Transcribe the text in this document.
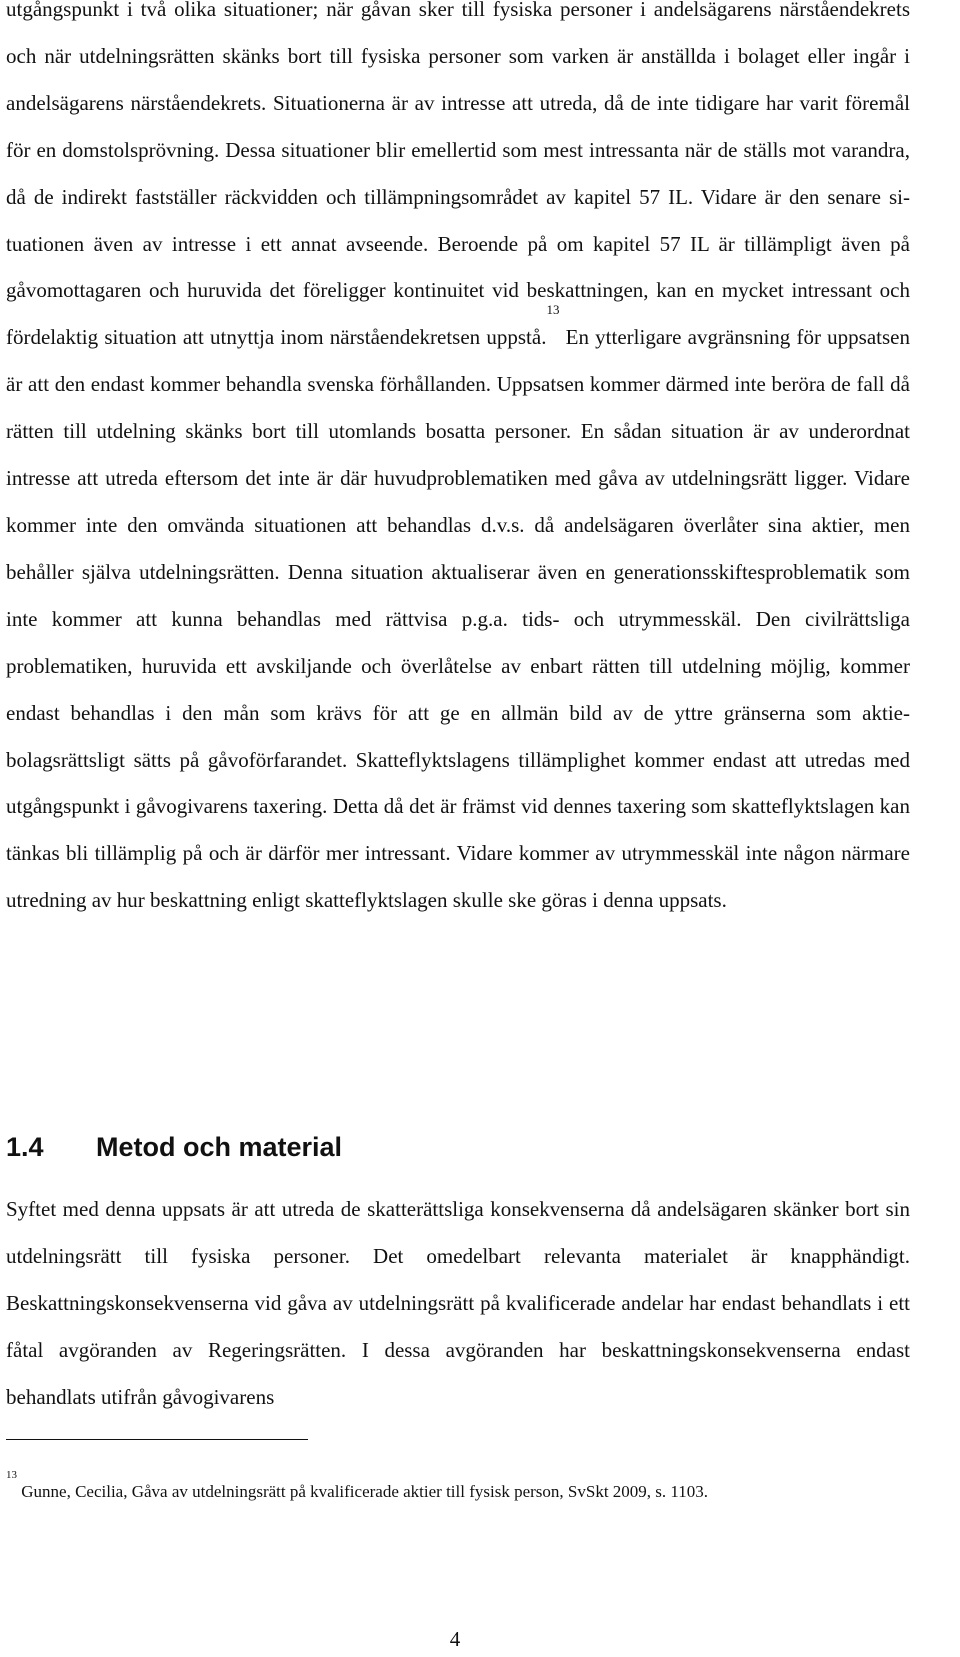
utgångspunkt i två olika situationer; när gåvan sker till fysiska personer i andelsägarens närståendekrets och när utdelningsrätten skänks bort till fysiska personer som varken är anställda i bolaget eller ingår i andelsägarens närståendekrets. Situationerna är av intresse att utreda, då de inte tidigare har varit föremål för en domstolsprövning. Dessa situationer blir emellertid som mest intressanta när de ställs mot varandra, då de indirekt fastställer räckvidden och tillämpningsområdet av kapitel 57 IL. Vidare är den senare situationen även av intresse i ett annat avseende. Beroende på om kapitel 57 IL är tillämpligt även på gåvomottagaren och huruvida det föreligger kontinuitet vid beskattningen, kan en mycket intressant och fördelaktig situation att utnyttja inom närståendekretsen uppstå.$^{13}$ En ytterligare avgränsning för uppsatsen är att den endast kommer behandla svenska förhållanden. Uppsatsen kommer därmed inte beröra de fall då rätten till utdelning skänks bort till utomlands bosatta personer. En sådan situation är av underordnat intresse att utreda eftersom det inte är där huvudproblematiken med gåva av utdelningsrätt ligger. Vidare kommer inte den omvända situationen att behandlas d.v.s. då andelsägaren överlåter sina aktier, men behåller själva utdelningsrätten. Denna situation aktualiserar även en generationsskiftesproblematik som inte kommer att kunna behandlas med rättvisa p.g.a. tids- och utrymmesskäl. Den civilrättsliga problematiken, huruvida ett avskiljande och överlåtelse av enbart rätten till utdelning möjlig, kommer endast behandlas i den mån som krävs för att ge en allmän bild av de yttre gränserna som aktiebolagsrättsligt sätts på gåvoförfarandet. Skatteflyktslagens tillämplighet kommer endast att utredas med utgångspunkt i gåvogivarens taxering. Detta då det är främst vid dennes taxering som skatteflyktslagen kan tänkas bli tillämplig på och är därför mer intressant. Vidare kommer av utrymmesskäl inte någon närmare utredning av hur beskattning enligt skatteflyktslagen skulle ske göras i denna uppsats.

1.4 Metod och material

Syftet med denna uppsats är att utreda de skatterättsliga konsekvenserna då andelsägaren skänker bort sin utdelningsrätt till fysiska personer. Det omedelbart relevanta materialet är knapphändigt. Beskattningskonsekvenserna vid gåva av utdelningsrätt på kvalificerade andelar har endast behandlats i ett fåtal avgöranden av Regeringsrätten. I dessa avgöranden har beskattningskonsekvenserna endast behandlats utifrån gåvogivarens

$^{13}$ Gunne, Cecilia, Gåva av utdelningsrätt på kvalificerade aktier till fysisk person, SvSkt 2009, s. 1103.

4
